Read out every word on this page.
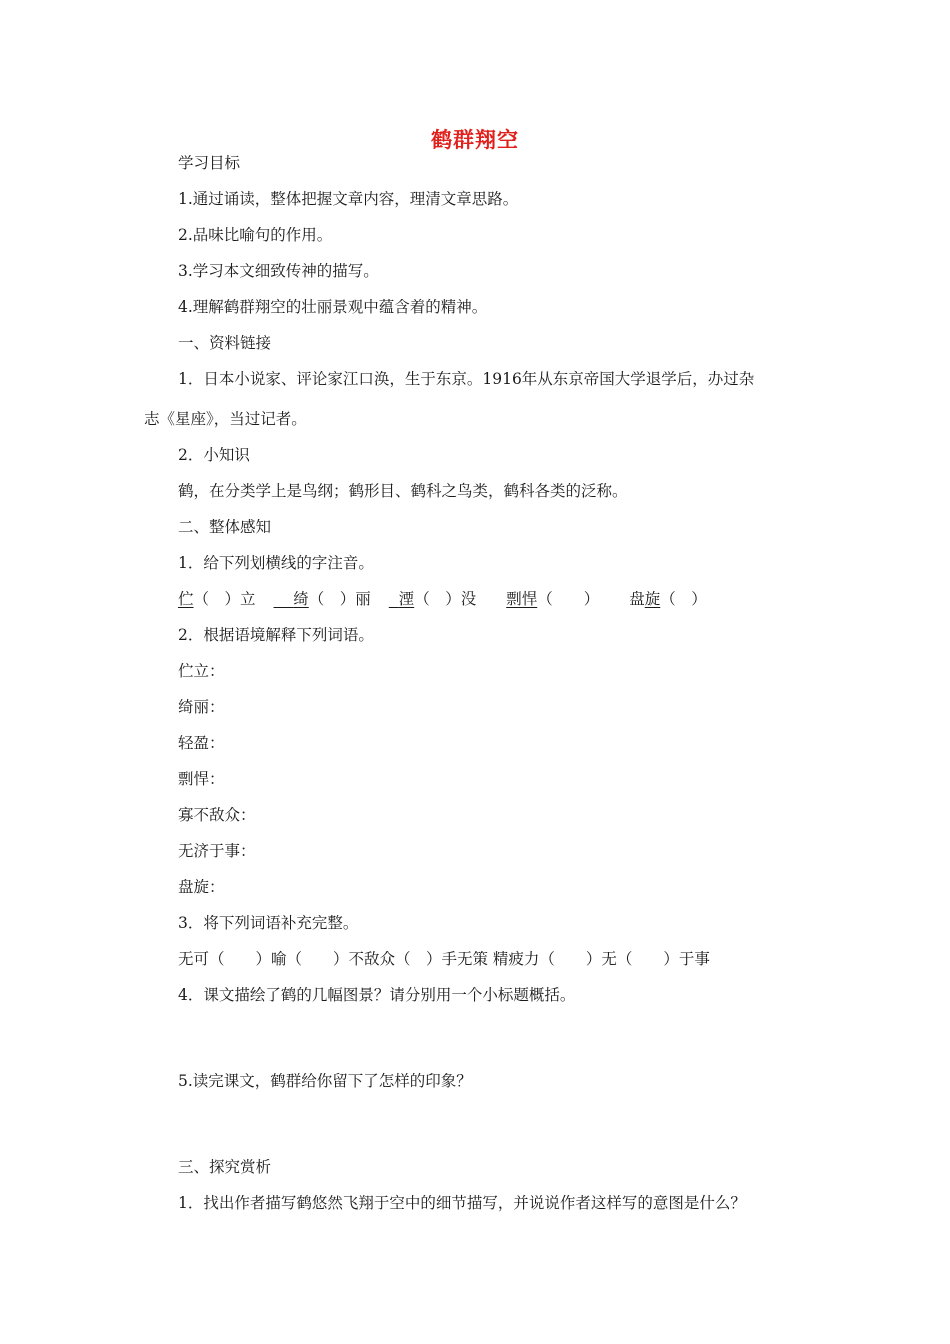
鹤群翔空
学习目标
1.通过诵读，整体把握文章内容，理清文章思路。
2.品味比喻句的作用。
3.学习本文细致传神的描写。
4.理解鹤群翔空的壮丽景观中蕴含着的精神。
一、资料链接
1．日本小说家、评论家江口涣，生于东京。1916年从东京帝国大学退学后，办过杂
志《星座》，当过记者。
2．小知识
鹤，在分类学上是鸟纲；鹤形目、鹤科之鸟类，鹤科各类的泛称。
二、整体感知
1．给下列划横线的字注音。
伫（　）立   绮（　）丽  湮（　）没 剽悍（　　） 盘旋（　）
2．根据语境解释下列词语。
伫立：
绮丽：
轻盈：
剽悍：
寡不敌众：
无济于事：
盘旋：
3．将下列词语补充完整。
无可（　　）喻（　　）不敌众（　）手无策 精疲力（　　）无（　　）于事
4．课文描绘了鹤的几幅图景？请分别用一个小标题概括。
5.读完课文，鹤群给你留下了怎样的印象？
三、探究赏析
1．找出作者描写鹤悠然飞翔于空中的细节描写，并说说作者这样写的意图是什么？
